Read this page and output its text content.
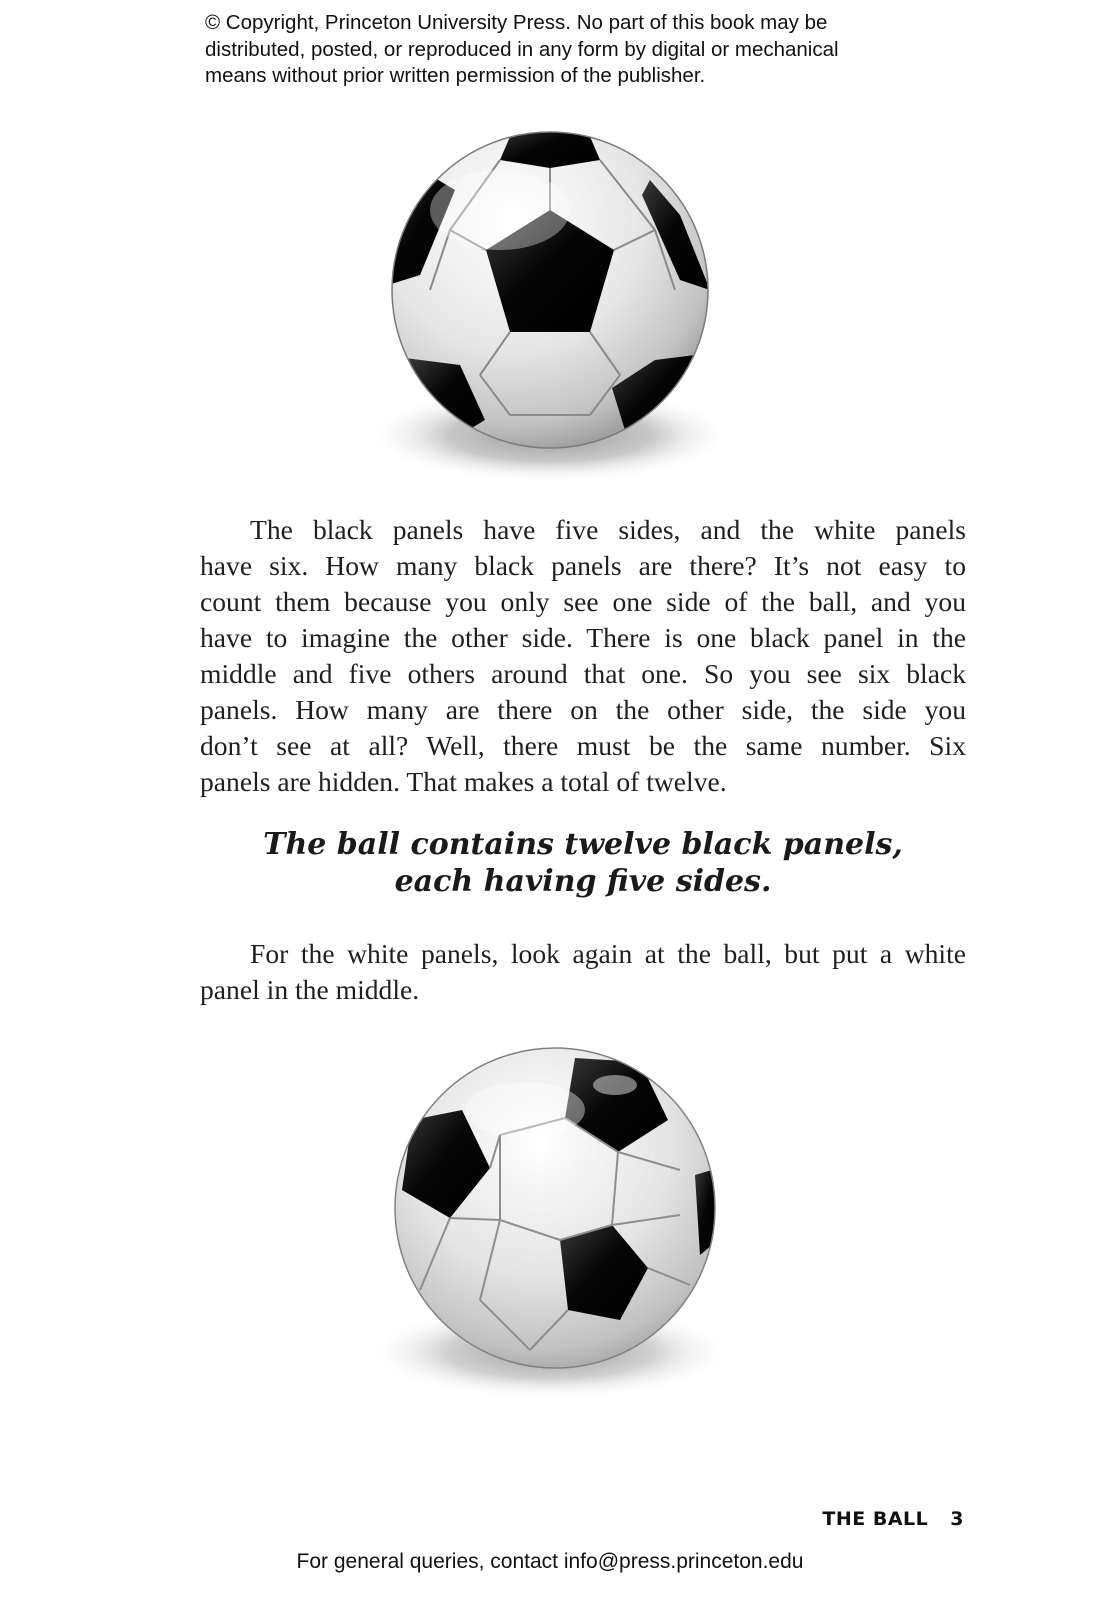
© Copyright, Princeton University Press. No part of this book may be
distributed, posted, or reproduced in any form by digital or mechanical
means without prior written permission of the publisher.
The black panels have five sides, and the white panels
have six. How many black panels are there? It’s not easy to
count them because you only see one side of the ball, and you
have to imagine the other side. There is one black panel in the
middle and five others around that one. So you see six black
panels. How many are there on the other side, the side you
don’t see at all? Well, there must be the same number. Six
panels are hidden. That makes a total of twelve.
The ball contains twelve black panels,
each having five sides.
For the white panels, look again at the ball, but put a white
panel in the middle.
THE BALL 3
For general queries, contact info@press.princeton.edu
